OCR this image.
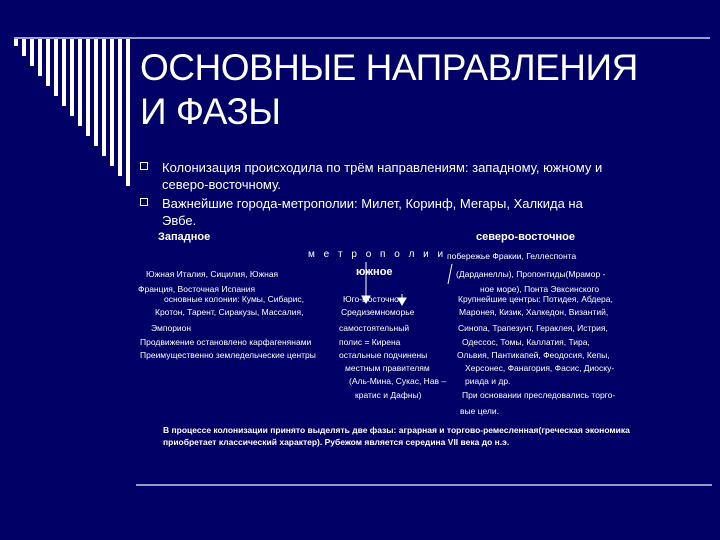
ОСНОВНЫЕ НАПРАВЛЕНИЯ
И ФАЗЫ
Колонизация происходила по трём направлениям: западному, южному и северо-восточному.
Важнейшие города-метрополии: Милет, Коринф, Мегары, Халкида на Эвбе.
Западное	северо-восточное
м е т р о п о л и и побережье Фракии, Геллеспонта
южное
Южная Италия, Сицилия, Южная
Франция, Восточная Испания
основные колонии: Кумы, Сибарис,
Кротон, Тарент, Сиракузы, Массалия,
Эмпорион
Продвижение остановлено карфагенянами
Преимущественно земледельческие центры
Юго-Восточное
Средиземноморье
самостоятельный
полис = Кирена
остальные подчинены
местным правителям
(Аль-Мина, Сукас, Нав –
кратис и Дафны)
(Дарданеллы), Пропонтиды(Мрамор -
ное море), Понта Эвксинского
Крупнейшие центры: Потидея, Абдера,
Маронея, Кизик, Халкедон, Византий,
Синопа, Трапезунт, Гераклея, Истрия,
Одессос, Томы, Каллатия, Тира,
Ольвия, Пантикапей, Феодосия, Кепы,
Херсонес, Фанагория, Фасис, Диоску-
риада и др.
При основании преследовались торго-
вые цели.
В процессе колонизации принято выделять две фазы: аграрная и торгово-ремесленная(греческая экономика
приобретает классический характер). Рубежом является середина VII века до н.э.
